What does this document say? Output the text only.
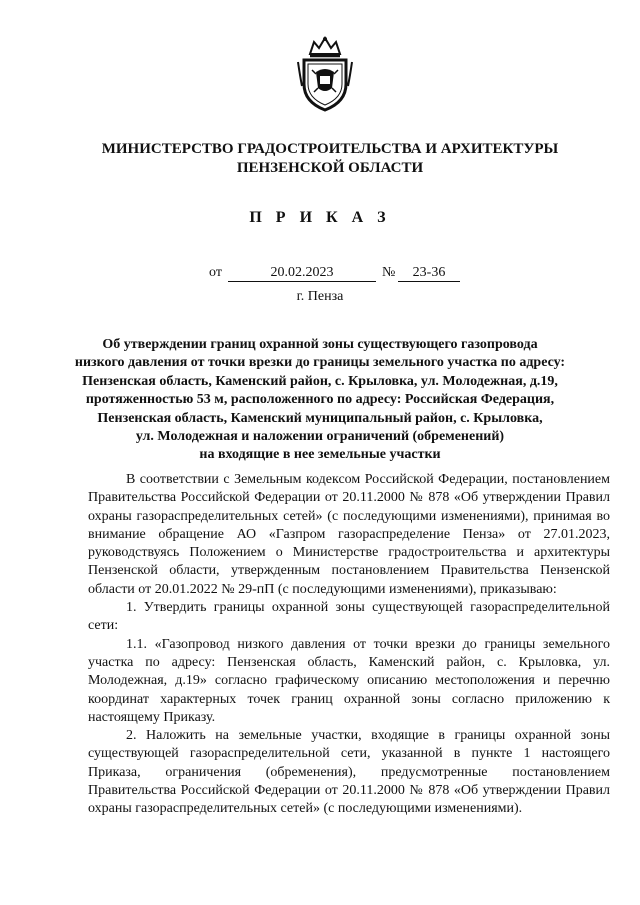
МИНИСТЕРСТВО ГРАДОСТРОИТЕЛЬСТВА И АРХИТЕКТУРЫ
ПЕНЗЕНСКОЙ ОБЛАСТИ
П Р И К А З
от	20.02.2023	№	23-36
г. Пенза
Об утверждении границ охранной зоны существующего газопровода
низкого давления от точки врезки до границы земельного участка по адресу:
Пензенская область, Каменский район, с. Крыловка, ул. Молодежная, д.19,
протяженностью 53 м, расположенного по адресу: Российская Федерация,
Пензенская область, Каменский муниципальный район, с. Крыловка,
ул. Молодежная и наложении ограничений (обременений)
на входящие в нее земельные участки

В соответствии с Земельным кодексом Российской Федерации, постановлением Правительства Российской Федерации от 20.11.2000 № 878 «Об утверждении Правил охраны газораспределительных сетей» (с последующими изменениями), принимая во внимание обращение АО «Газпром газораспределение Пенза» от 27.01.2023, руководствуясь Положением о Министерстве градостроительства и архитектуры Пензенской области, утвержденным постановлением Правительства Пензенской области от 20.01.2022 № 29-пП (с последующими изменениями), приказываю:

1. Утвердить границы охранной зоны существующей газораспределительной сети:

1.1. «Газопровод низкого давления от точки врезки до границы земельного участка по адресу: Пензенская область, Каменский район, с. Крыловка, ул. Молодежная, д.19» согласно графическому описанию местоположения и перечню координат характерных точек границ охранной зоны согласно приложению к настоящему Приказу.

2. Наложить на земельные участки, входящие в границы охранной зоны существующей газораспределительной сети, указанной в пункте 1 настоящего Приказа, ограничения (обременения), предусмотренные постановлением Правительства Российской Федерации от 20.11.2000 № 878 «Об утверждении Правил охраны газораспределительных сетей» (с последующими изменениями).
